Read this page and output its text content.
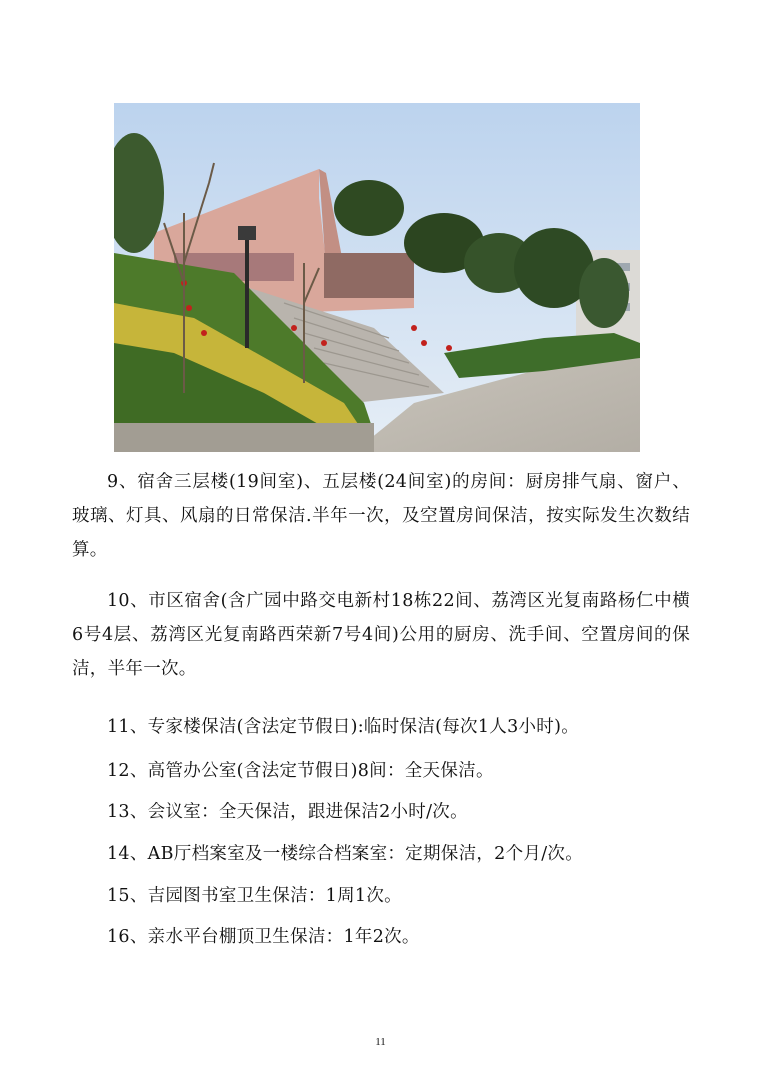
9、宿舍三层楼(19间室)、五层楼(24间室)的房间：厨房排气扇、窗户、玻璃、灯具、风扇的日常保洁.半年一次，及空置房间保洁，按实际发生次数结算。

10、市区宿舍(含广园中路交电新村18栋22间、荔湾区光复南路杨仁中横6号4层、荔湾区光复南路西荣新7号4间)公用的厨房、洗手间、空置房间的保洁，半年一次。

11、专家楼保洁(含法定节假日):临时保洁(每次1人3小时)。

12、高管办公室(含法定节假日)8间：全天保洁。

13、会议室：全天保洁，跟进保洁2小时/次。

14、AB厅档案室及一楼综合档案室：定期保洁，2个月/次。

15、吉园图书室卫生保洁：1周1次。

16、亲水平台棚顶卫生保洁：1年2次。

11
